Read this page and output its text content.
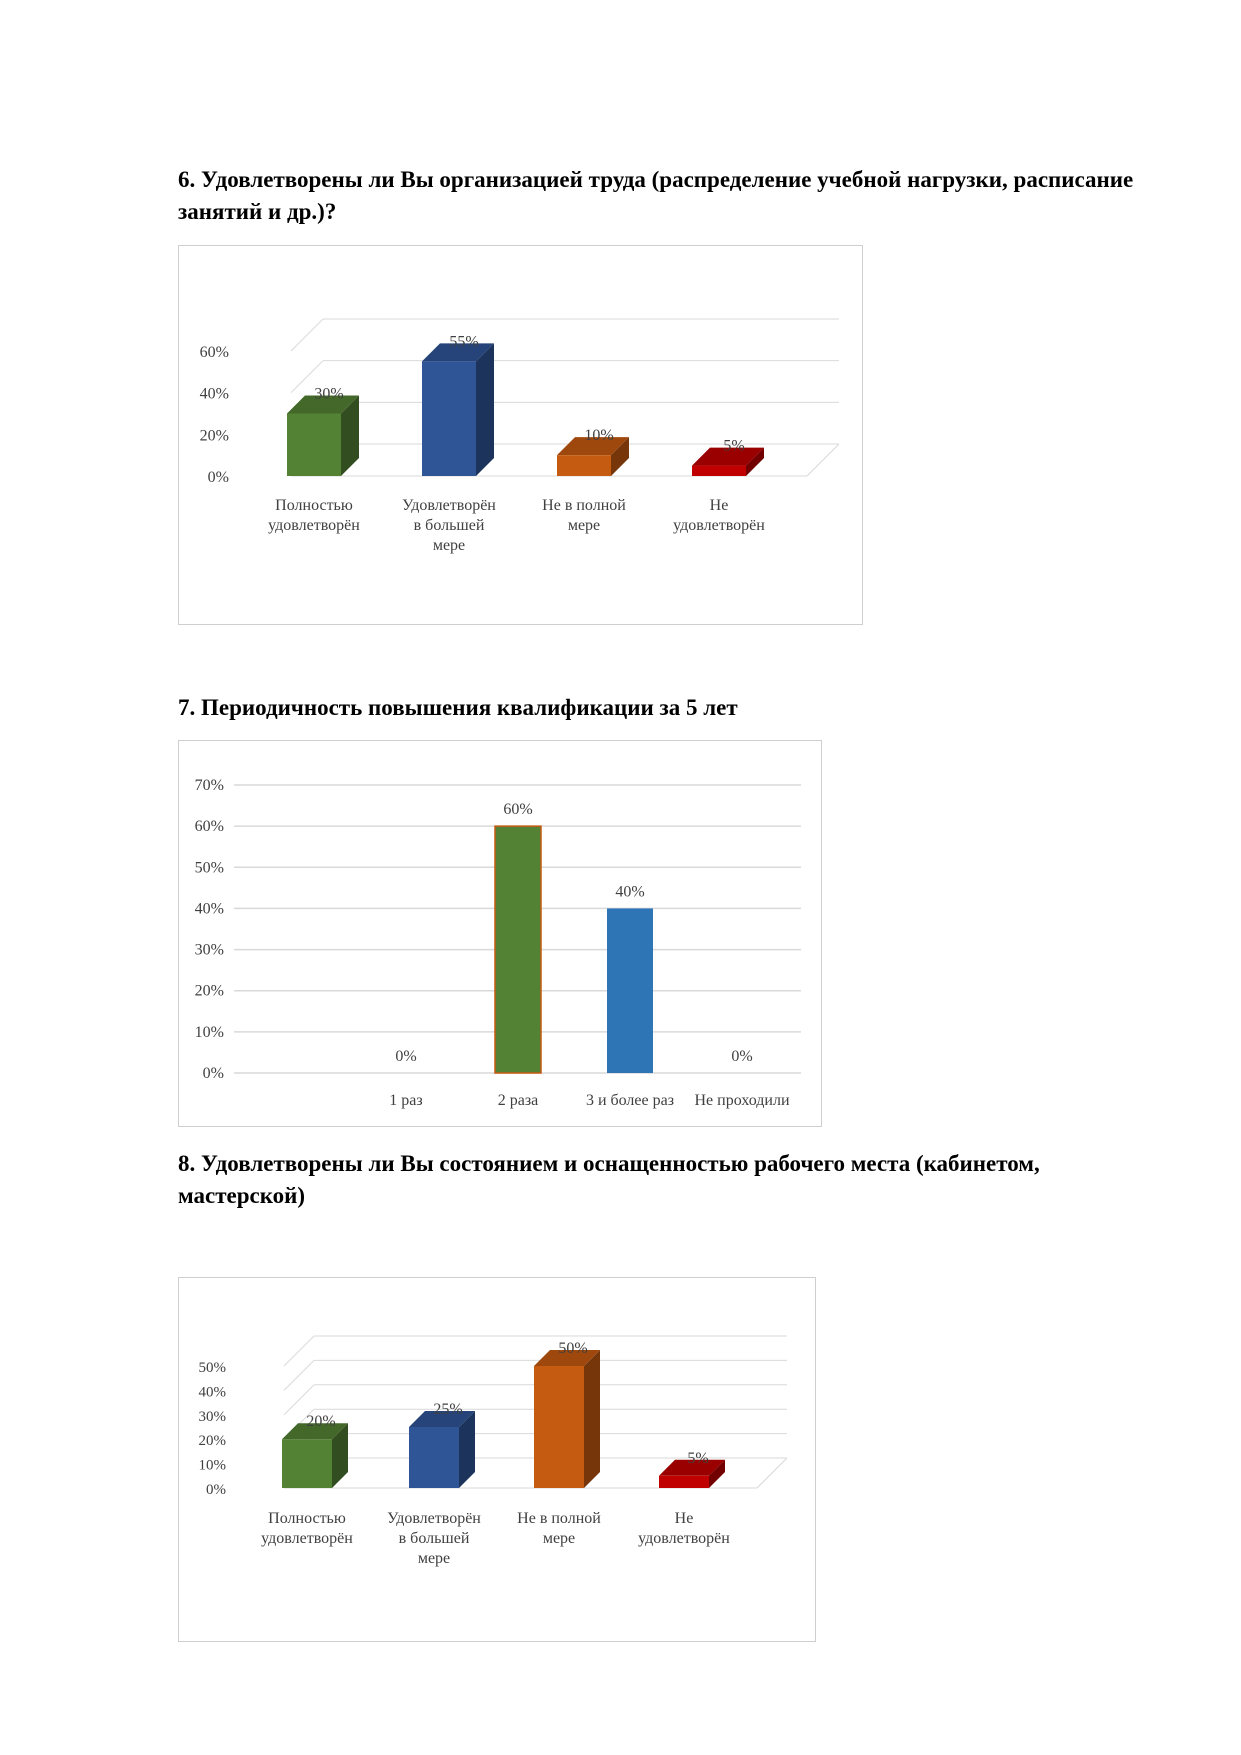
6. Удовлетворены ли Вы организацией труда (распределение учебной нагрузки, расписание занятий и др.)?
0%
20%
40%
60%
30%
Полностью
удовлетворён
55%
Удовлетворён
в большей
мере
10%
Не в полной
мере
5%
Не
удовлетворён
7. Периодичность повышения квалификации за 5 лет
0%
10%
20%
30%
40%
50%
60%
70%
0%
1 раз
60%
2 раза
40%
3 и более раз
0%
Не проходили
8. Удовлетворены ли Вы состоянием и оснащенностью рабочего места (кабинетом, мастерской)
0%
10%
20%
30%
40%
50%
20%
Полностью
удовлетворён
25%
Удовлетворён
в большей
мере
50%
Не в полной
мере
5%
Не
удовлетворён
